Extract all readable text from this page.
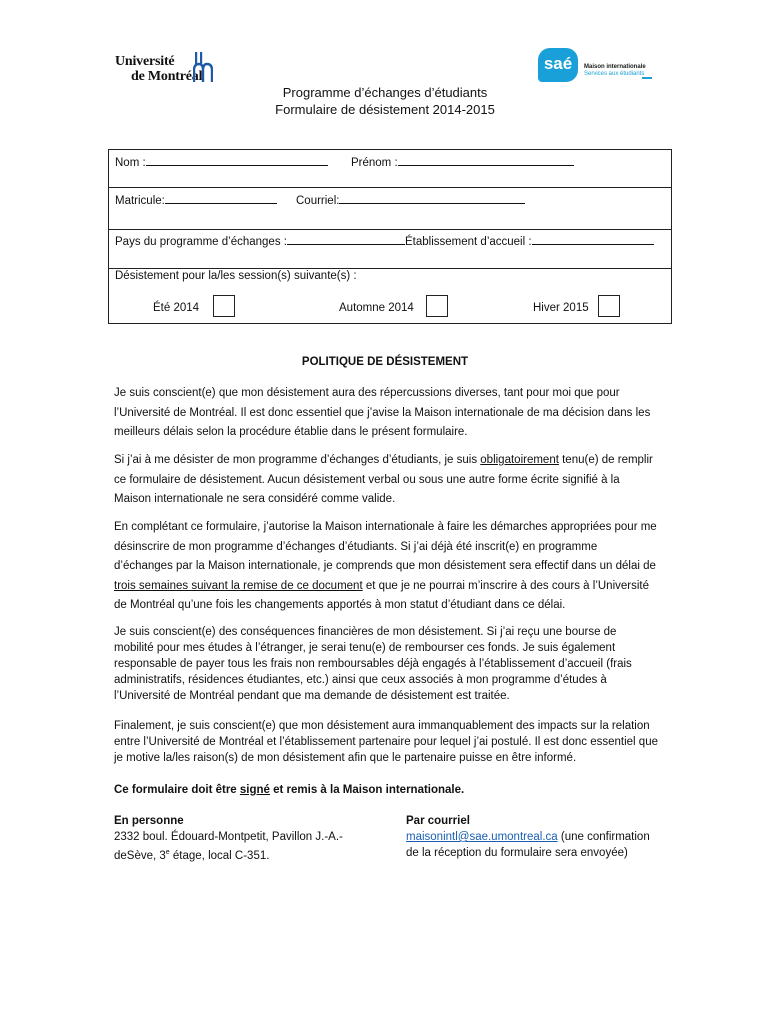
Université
de Montréal
saé	Maison internationale
Services aux étudiants
Programme d’échanges d’étudiants
Formulaire de désistement 2014-2015
Nom :	Prénom :
Matricule:	Courriel:
Pays du programme d’échanges :	Établissement d’accueil :
Désistement pour la/les session(s) suivante(s) :
Été 2014	Automne 2014	Hiver 2015
POLITIQUE DE DÉSISTEMENT
Je suis conscient(e) que mon désistement aura des répercussions diverses, tant pour moi que pour l’Université de Montréal. Il est donc essentiel que j’avise la Maison internationale de ma décision dans les meilleurs délais selon la procédure établie dans le présent formulaire.
Si j’ai à me désister de mon programme d’échanges d’étudiants, je suis obligatoirement tenu(e) de remplir ce formulaire de désistement. Aucun désistement verbal ou sous une autre forme écrite signifié à la Maison internationale ne sera considéré comme valide.
En complétant ce formulaire, j’autorise la Maison internationale à faire les démarches appropriées pour me désinscrire de mon programme d’échanges d’étudiants. Si j’ai déjà été inscrit(e) en programme d’échanges par la Maison internationale, je comprends que mon désistement sera effectif dans un délai de trois semaines suivant la remise de ce document et que je ne pourrai m’inscrire à des cours à l’Université de Montréal qu’une fois les changements apportés à mon statut d’étudiant dans ce délai.
Je suis conscient(e) des conséquences financières de mon désistement. Si j’ai reçu une bourse de mobilité pour mes études à l’étranger, je serai tenu(e) de rembourser ces fonds. Je suis également responsable de payer tous les frais non remboursables déjà engagés à l’établissement d’accueil (frais administratifs, résidences étudiantes, etc.) ainsi que ceux associés à mon programme d’études à l’Université de Montréal pendant que ma demande de désistement est traitée.
Finalement, je suis conscient(e) que mon désistement aura immanquablement des impacts sur la relation entre l’Université de Montréal et l’établissement partenaire pour lequel j’ai postulé. Il est donc essentiel que je motive la/les raison(s) de mon désistement afin que le partenaire puisse en être informé.
Ce formulaire doit être signé et remis à la Maison internationale.
En personne
2332 boul. Édouard-Montpetit, Pavillon J.-A.-
deSève, 3e étage, local C-351.
Par courriel
maisonintl@sae.umontreal.ca (une confirmation
de la réception du formulaire sera envoyée)
